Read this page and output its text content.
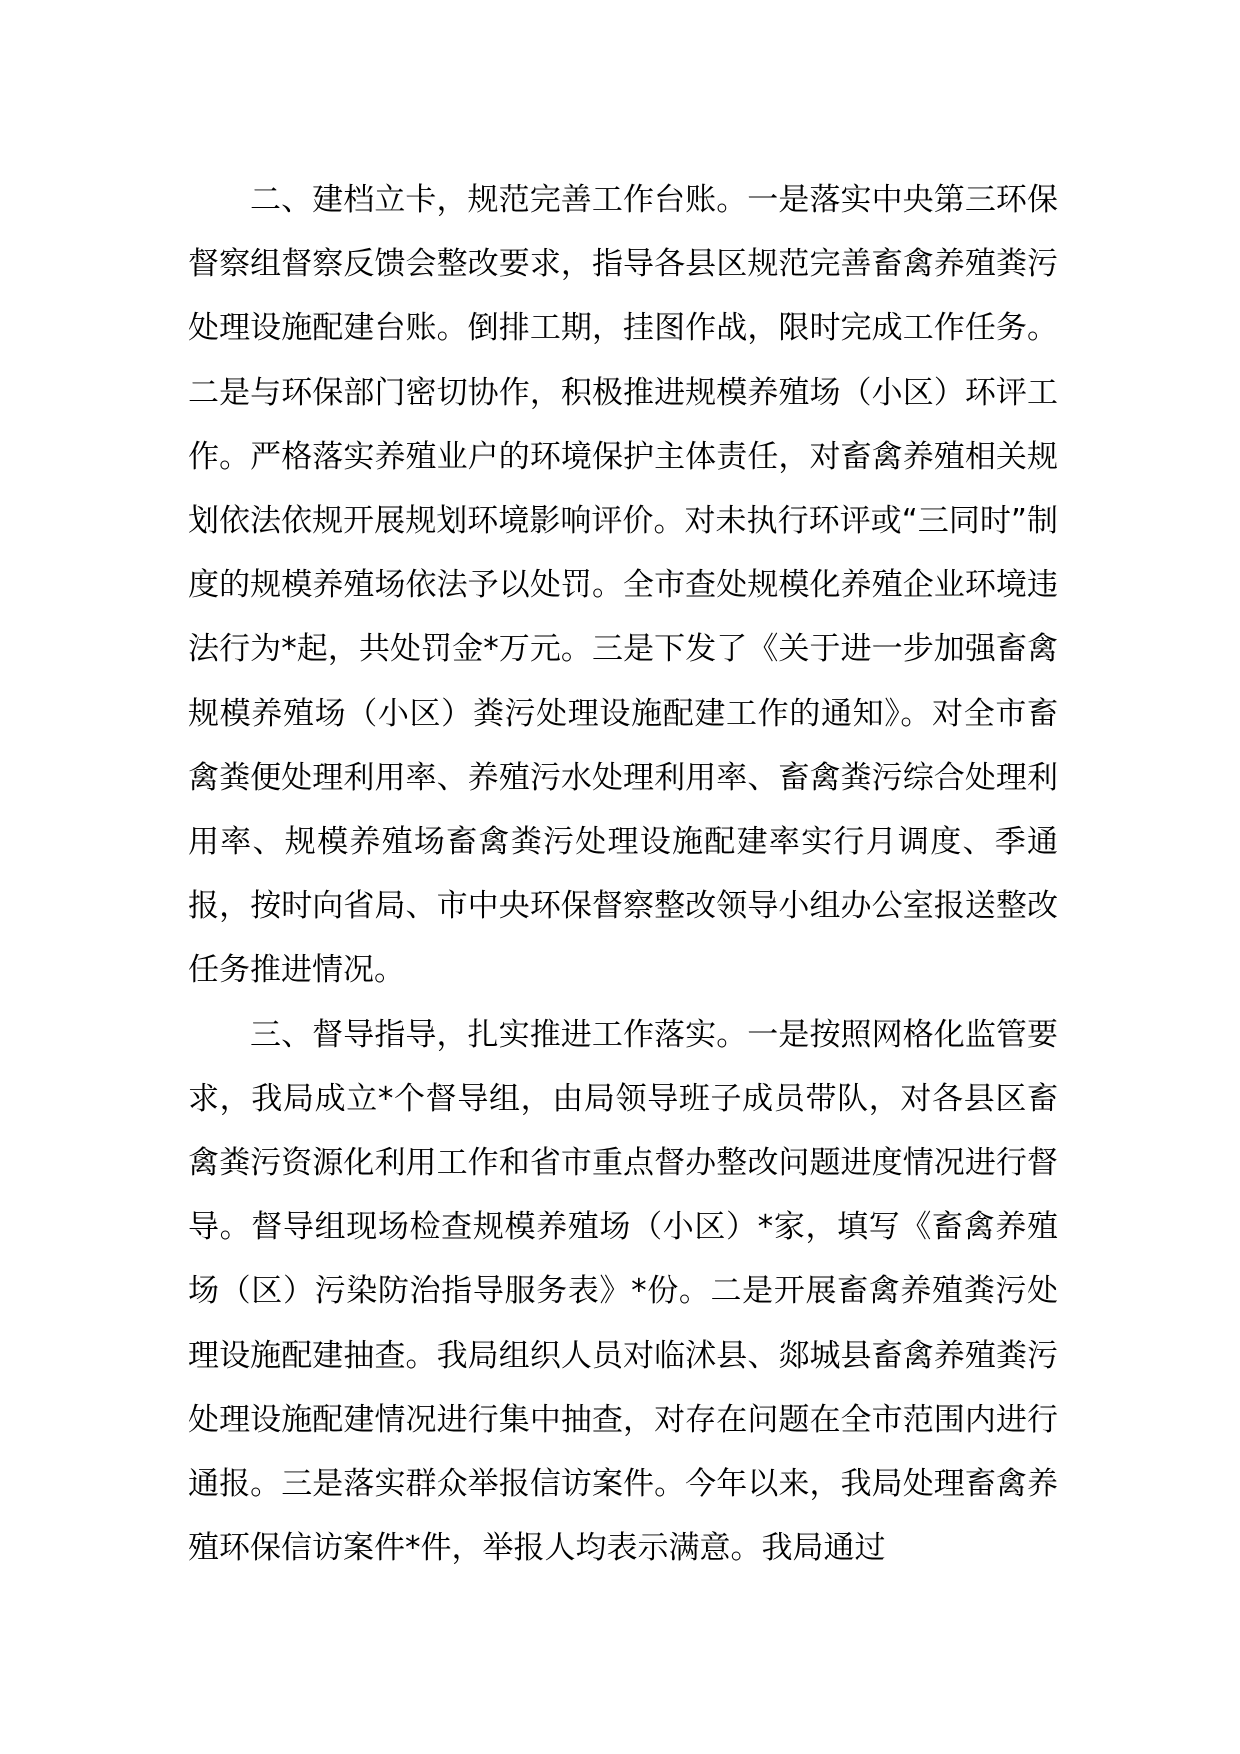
二、建档立卡，规范完善工作台账。一是落实中央第三环保督察组督察反馈会整改要求，指导各县区规范完善畜禽养殖粪污处理设施配建台账。倒排工期，挂图作战，限时完成工作任务。二是与环保部门密切协作，积极推进规模养殖场（小区）环评工作。严格落实养殖业户的环境保护主体责任，对畜禽养殖相关规划依法依规开展规划环境影响评价。对未执行环评或“三同时”制度的规模养殖场依法予以处罚。全市查处规模化养殖企业环境违法行为*起，共处罚金*万元。三是下发了《关于进一步加强畜禽规模养殖场（小区）粪污处理设施配建工作的通知》。对全市畜禽粪便处理利用率、养殖污水处理利用率、畜禽粪污综合处理利用率、规模养殖场畜禽粪污处理设施配建率实行月调度、季通报，按时向省局、市中央环保督察整改领导小组办公室报送整改任务推进情况。

三、督导指导，扎实推进工作落实。一是按照网格化监管要求，我局成立*个督导组，由局领导班子成员带队，对各县区畜禽粪污资源化利用工作和省市重点督办整改问题进度情况进行督导。督导组现场检查规模养殖场（小区）*家，填写《畜禽养殖场（区）污染防治指导服务表》*份。二是开展畜禽养殖粪污处理设施配建抽查。我局组织人员对临沭县、郯城县畜禽养殖粪污处理设施配建情况进行集中抽查，对存在问题在全市范围内进行通报。三是落实群众举报信访案件。今年以来，我局处理畜禽养殖环保信访案件*件，举报人均表示满意。我局通过
